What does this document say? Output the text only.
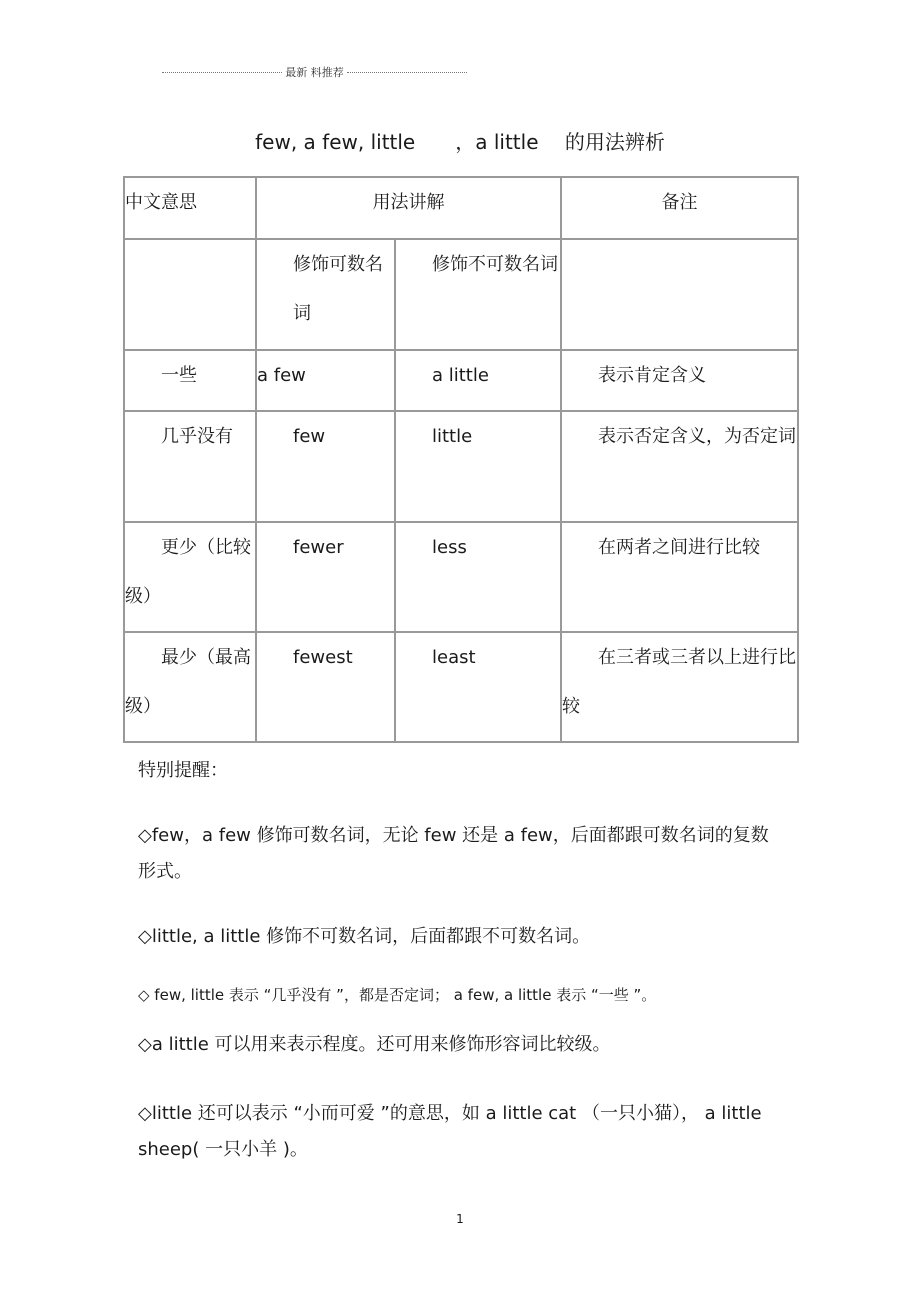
最新 料推荐
few, a few, little　　，a little　 的用法辨析
中文意思	用法讲解		备注

	修饰可数名词	修饰不可数名词	

一些	a few	a little	表示肯定含义

几乎没有	few	little	表示否定含义，为否定词

更少（比较级）	fewer	less	在两者之间进行比较

最少（最高级）	fewest	least	在三者或三者以上进行比较
特别提醒：
◇few，a few 修饰可数名词，无论 few 还是 a few，后面都跟可数名词的复数形式。
◇little, a little 修饰不可数名词，后面都跟不可数名词。
◇ few, little 表示 “几乎没有 ”，都是否定词； a few, a little 表示 “一些 ”。
◇a little 可以用来表示程度。还可用来修饰形容词比较级。
◇little 还可以表示 “小而可爱 ”的意思，如 a little cat （一只小猫）， a little sheep( 一只小羊 )。
1
